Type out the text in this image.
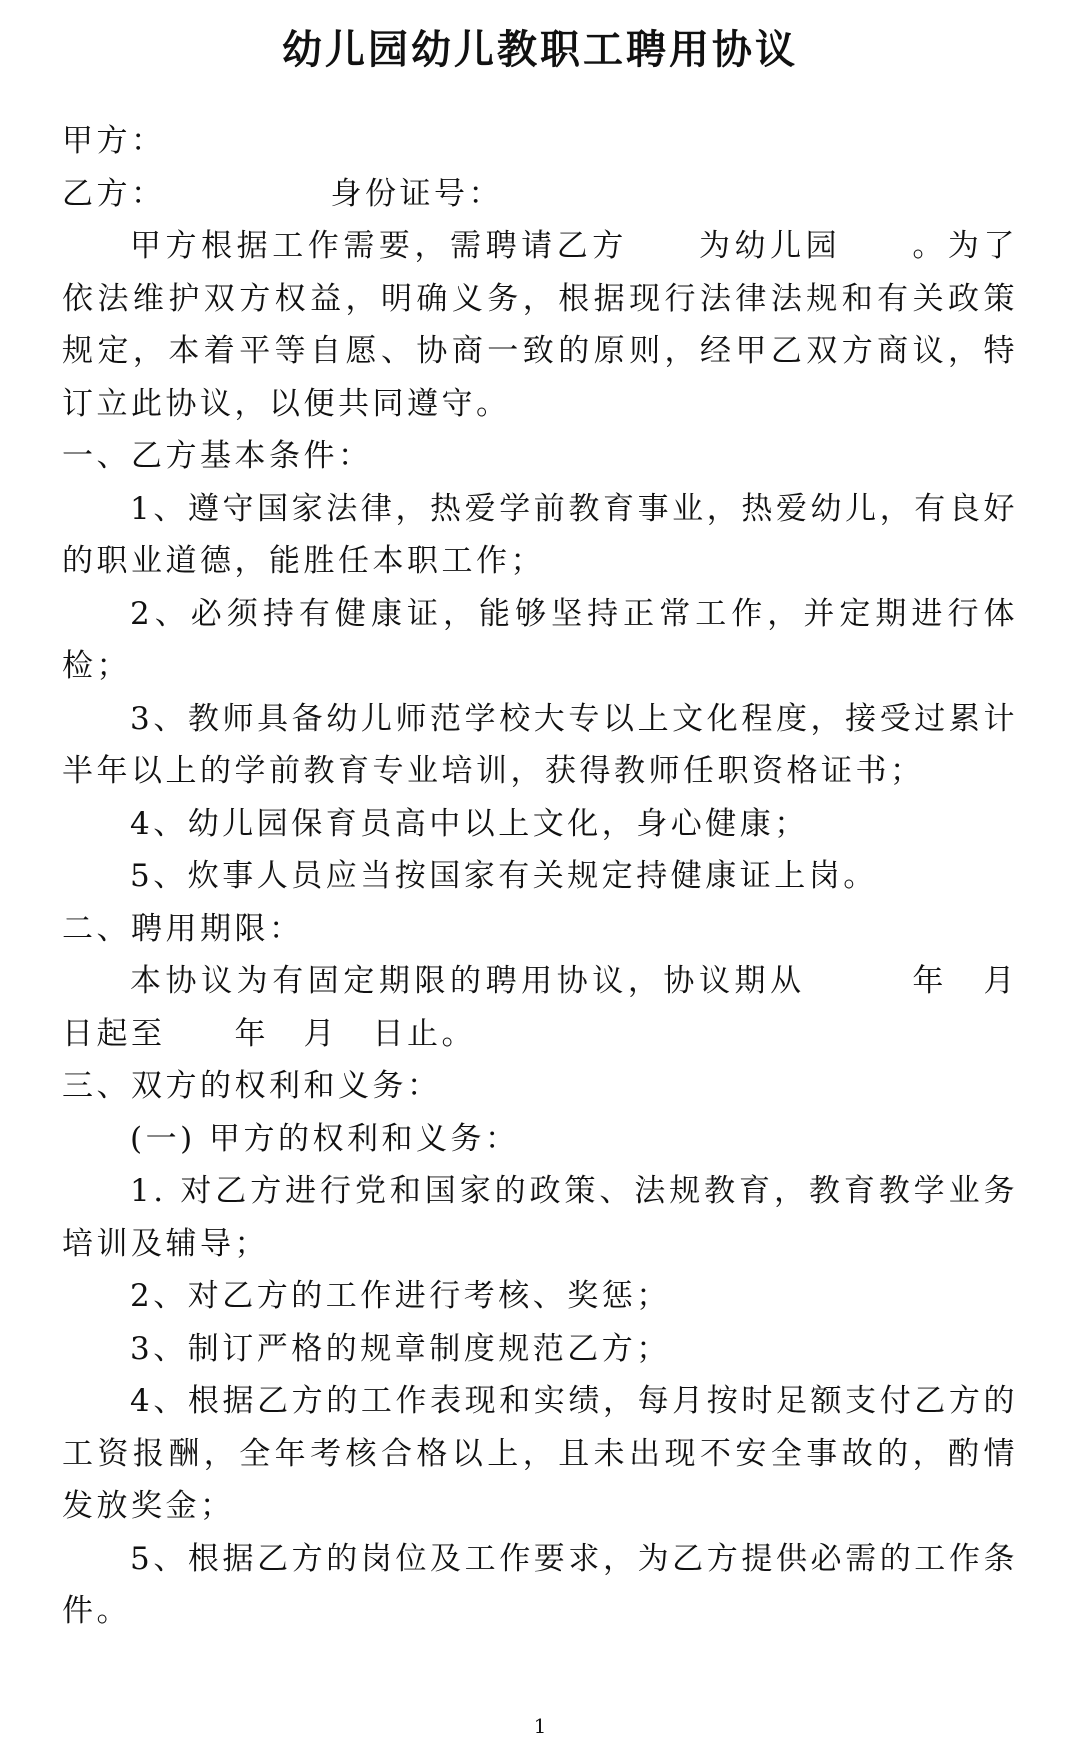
幼儿园幼儿教职工聘用协议

甲方：

乙方：	身份证号：

甲方根据工作需要，需聘请乙方　　为幼儿园　　。为了依法维护双方权益，明确义务，根据现行法律法规和有关政策规定，本着平等自愿、协商一致的原则，经甲乙双方商议，特订立此协议，以便共同遵守。

一、乙方基本条件：

1、遵守国家法律，热爱学前教育事业，热爱幼儿，有良好的职业道德，能胜任本职工作；

2、必须持有健康证，能够坚持正常工作，并定期进行体检；

3、教师具备幼儿师范学校大专以上文化程度，接受过累计半年以上的学前教育专业培训，获得教师任职资格证书；

4、幼儿园保育员高中以上文化，身心健康；

5、炊事人员应当按国家有关规定持健康证上岗。

二、聘用期限：

本协议为有固定期限的聘用协议，协议期从　　　年　月　日起至　　年　月　日止。

三、双方的权利和义务：

(一) 甲方的权利和义务：

1. 对乙方进行党和国家的政策、法规教育，教育教学业务培训及辅导；

2、对乙方的工作进行考核、奖惩；

3、制订严格的规章制度规范乙方；

4、根据乙方的工作表现和实绩，每月按时足额支付乙方的工资报酬，全年考核合格以上，且未出现不安全事故的，酌情发放奖金；

5、根据乙方的岗位及工作要求，为乙方提供必需的工作条件。

1
